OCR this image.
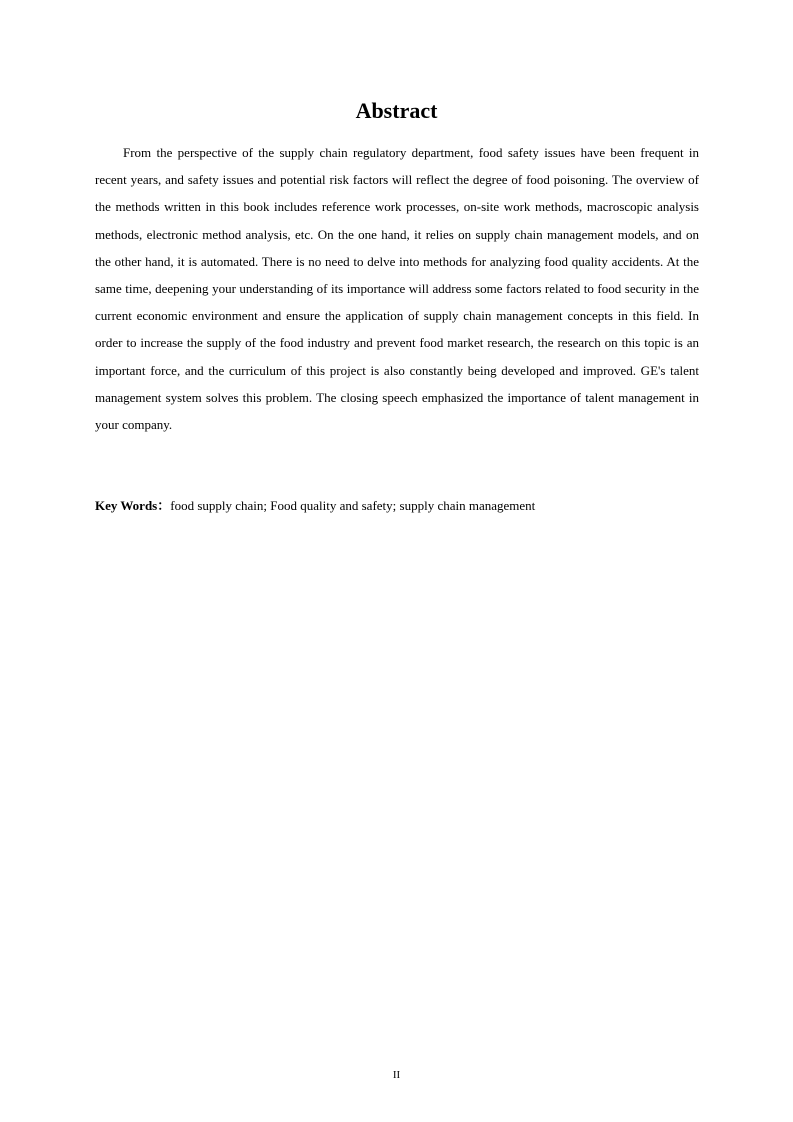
Abstract

From the perspective of the supply chain regulatory department, food safety issues have been frequent in recent years, and safety issues and potential risk factors will reflect the degree of food poisoning. The overview of the methods written in this book includes reference work processes, on-site work methods, macroscopic analysis methods, electronic method analysis, etc. On the one hand, it relies on supply chain management models, and on the other hand, it is automated. There is no need to delve into methods for analyzing food quality accidents. At the same time, deepening your understanding of its importance will address some factors related to food security in the current economic environment and ensure the application of supply chain management concepts in this field. In order to increase the supply of the food industry and prevent food market research, the research on this topic is an important force, and the curriculum of this project is also constantly being developed and improved. GE's talent management system solves this problem. The closing speech emphasized the importance of talent management in your company.

Key Words：food supply chain; Food quality and safety; supply chain management

II
